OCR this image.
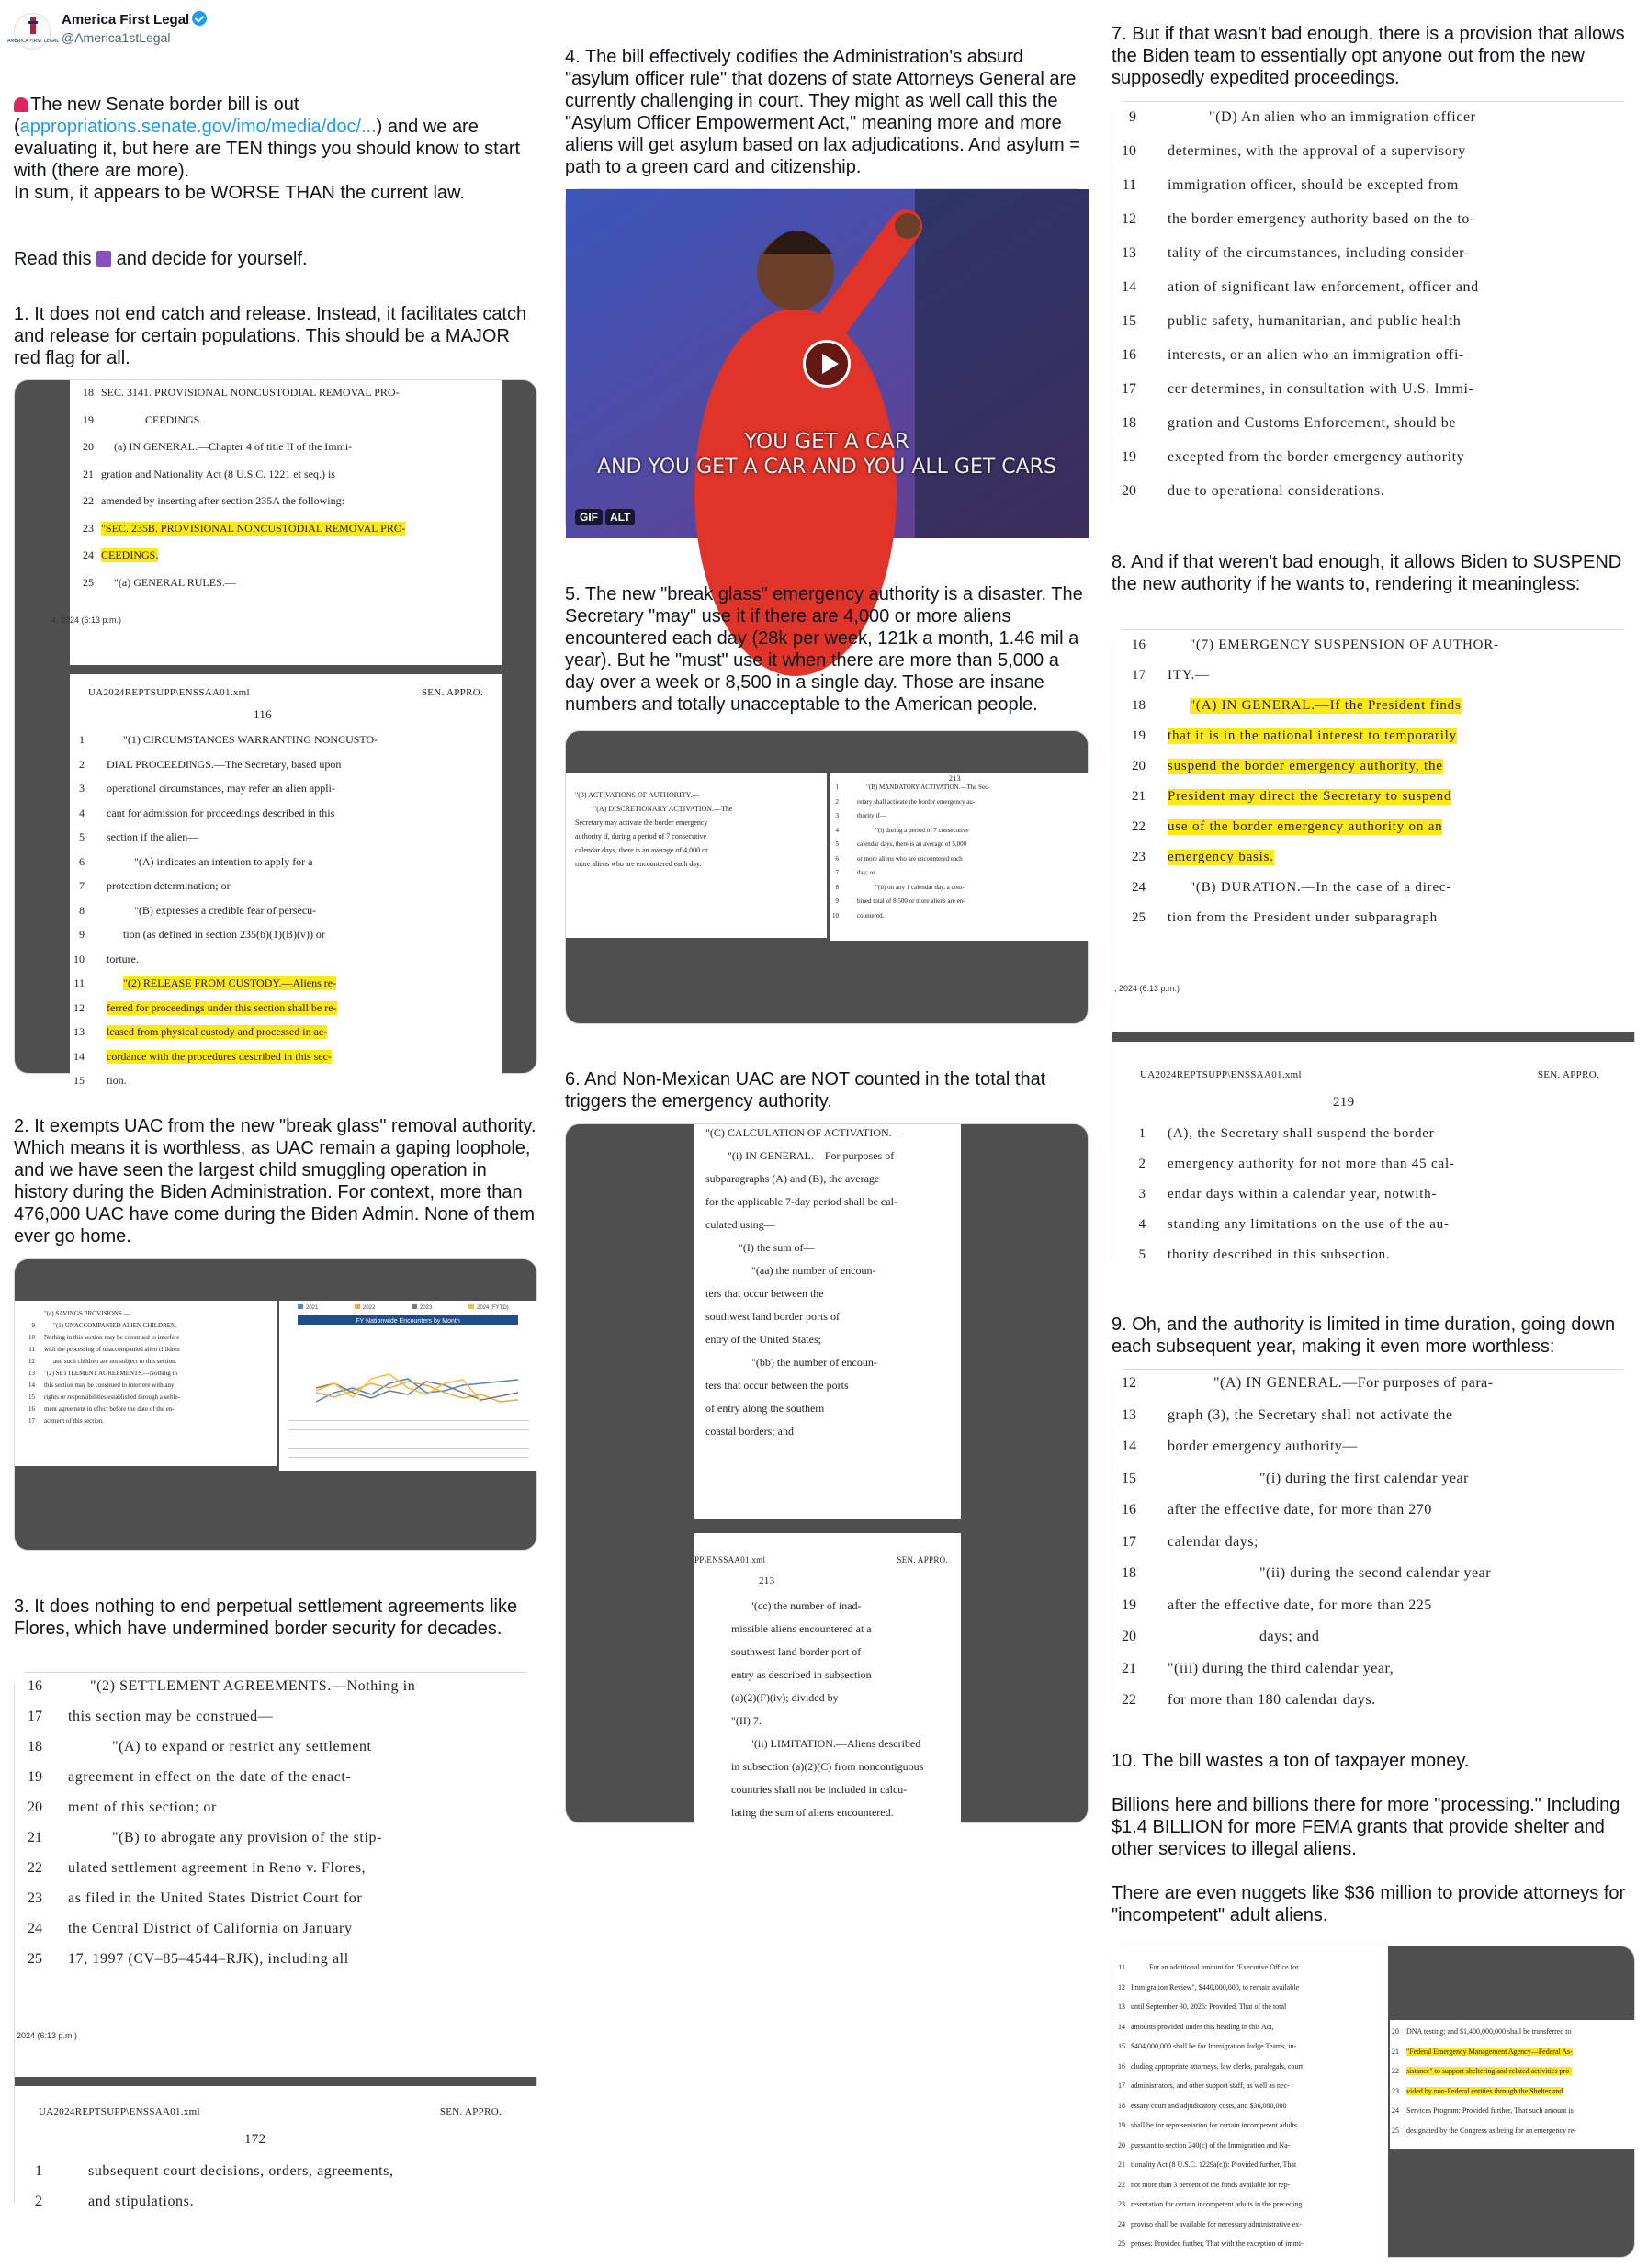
AMERICA FIRST LEGAL
America First Legal
@America1stLegal

The new Senate border bill is out (appropriations.senate.gov/imo/media/doc/...) and we are evaluating it, but here are TEN things you should know to start with (there are more).

In sum, it appears to be WORSE THAN the current law.

Read this  and decide for yourself.

1. It does not end catch and release. Instead, it facilitates catch and release for certain populations. This should be a MAJOR red flag for all.
18 SEC. 3141. PROVISIONAL NONCUSTODIAL REMOVAL PRO-
19	CEEDINGS.
20 (a) IN GENERAL.—Chapter 4 of title II of the Immi-
21 gration and Nationality Act (8 U.S.C. 1221 et seq.) is
22 amended by inserting after section 235A the following:
23 "SEC. 235B. PROVISIONAL NONCUSTODIAL REMOVAL PRO-
24 CEEDINGS.
25 "(a) GENERAL RULES.—
4, 2024 (6:13 p.m.)
UA2024REPTSUPP\ENSSAA01.xml	SEN. APPRO.
116
1	"(1) CIRCUMSTANCES WARRANTING NONCUSTO-
2 DIAL PROCEEDINGS.—The Secretary, based upon
3 operational circumstances, may refer an alien appli-
4 cant for admission for proceedings described in this
5 section if the alien—
6	"(A) indicates an intention to apply for a
7 protection determination; or
8	"(B) expresses a credible fear of persecu-
9	tion (as defined in section 235(b)(1)(B)(v)) or
10 torture.
11	"(2) RELEASE FROM CUSTODY.—Aliens re-
12 ferred for proceedings under this section shall be re-
13 leased from physical custody and processed in ac-
14 cordance with the procedures described in this sec-
15 tion.
2. It exempts UAC from the new "break glass" removal authority. Which means it is worthless, as UAC remain a gaping loophole, and we have seen the largest child smuggling operation in history during the Biden Administration. For context, more than 476,000 UAC have come during the Biden Admin. None of them ever go home.
"(c) SAVINGS PROVISIONS.—
9	"(1) UNACCOMPANIED ALIEN CHILDREN.—
10 Nothing in this section may be construed to interfere
11 with the processing of unaccompanied alien children
12	and such children are not subject to this section.
13 "(2) SETTLEMENT AGREEMENTS.—Nothing in
14 this section may be construed to interfere with any
15 rights or responsibilities established through a settle-
16 ment agreement in effect before the date of the en-
17 actment of this section.
FY Nationwide Encounters by Month
2021	2022	2023	2024 (FYTD)
3. It does nothing to end perpetual settlement agreements like Flores, which have undermined border security for decades.
16	"(2) SETTLEMENT AGREEMENTS.—Nothing in
17 this section may be construed—
18	"(A) to expand or restrict any settlement
19 agreement in effect on the date of the enact-
20 ment of this section; or
21	"(B) to abrogate any provision of the stip-
22 ulated settlement agreement in Reno v. Flores,
23 as filed in the United States District Court for
24 the Central District of California on January
25 17, 1997 (CV–85–4544–RJK), including all
2024 (6:13 p.m.)
UA2024REPTSUPP\ENSSAA01.xml	SEN. APPRO.
172
1	subsequent court decisions, orders, agreements,
2	and stipulations.
4. The bill effectively codifies the Administration's absurd "asylum officer rule" that dozens of state Attorneys General are currently challenging in court. They might as well call this the "Asylum Officer Empowerment Act," meaning more and more aliens will get asylum based on lax adjudications. And asylum = path to a green card and citizenship.
YOU GET A CAR
AND YOU GET A CAR AND YOU ALL GET CARS
GIF	ALT
5. The new "break glass" emergency authority is a disaster. The Secretary "may" use it if there are 4,000 or more aliens encountered each day (28k per week, 121k a month, 1.46 mil a year). But he "must" use it when there are more than 5,000 a day over a week or 8,500 in a single day. Those are insane numbers and totally unacceptable to the American people.
"(3) ACTIVATIONS OF AUTHORITY.—
"(A) DISCRETIONARY ACTIVATION.—The
Secretary may activate the border emergency
authority if, during a period of 7 consecutive
calendar days, there is an average of 4,000 or
more aliens who are encountered each day.
213
1	"(B) MANDATORY ACTIVATION.—The Sec-
2	retary shall activate the border emergency au-
3	thority if—
4	"(i) during a period of 7 consecutive
5	calendar days, there is an average of 5,000
6	or more aliens who are encountered each
7	day; or
8	"(ii) on any 1 calendar day, a com-
9	bined total of 8,500 or more aliens are en-
10	countered.
6. And Non-Mexican UAC are NOT counted in the total that triggers the emergency authority.
"(C) CALCULATION OF ACTIVATION.—
"(i) IN GENERAL.—For purposes of
subparagraphs (A) and (B), the average
for the applicable 7-day period shall be cal-
culated using—
"(I) the sum of—
"(aa) the number of encoun-
ters that occur between the
southwest land border ports of
entry of the United States;
"(bb) the number of encoun-
ters that occur between the ports
of entry along the southern
coastal borders; and
PP\ENSSAA01.xml	SEN. APPRO.
213
"(cc) the number of inad-
missible aliens encountered at a
southwest land border port of
entry as described in subsection
(a)(2)(F)(iv); divided by
"(II) 7.
"(ii) LIMITATION.—Aliens described
in subsection (a)(2)(C) from noncontiguous
countries shall not be included in calcu-
lating the sum of aliens encountered.
7. But if that wasn't bad enough, there is a provision that allows the Biden team to essentially opt anyone out from the new supposedly expedited proceedings.
9	"(D) An alien who an immigration officer
10 determines, with the approval of a supervisory
11 immigration officer, should be excepted from
12 the border emergency authority based on the to-
13 tality of the circumstances, including consider-
14 ation of significant law enforcement, officer and
15 public safety, humanitarian, and public health
16 interests, or an alien who an immigration offi-
17 cer determines, in consultation with U.S. Immi-
18 gration and Customs Enforcement, should be
19 excepted from the border emergency authority
20 due to operational considerations.
8. And if that weren't bad enough, it allows Biden to SUSPEND the new authority if he wants to, rendering it meaningless:
16	"(7) EMERGENCY SUSPENSION OF AUTHOR-
17 ITY.—
18	"(A) IN GENERAL.—If the President finds
19 that it is in the national interest to temporarily
20 suspend the border emergency authority, the
21 President may direct the Secretary to suspend
22 use of the border emergency authority on an
23 emergency basis.
24	"(B) DURATION.—In the case of a direc-
25 tion from the President under subparagraph
, 2024 (6:13 p.m.)
UA2024REPTSUPP\ENSSAA01.xml	SEN. APPRO.
219
1 (A), the Secretary shall suspend the border
2 emergency authority for not more than 45 cal-
3 endar days within a calendar year, notwith-
4 standing any limitations on the use of the au-
5 thority described in this subsection.
9. Oh, and the authority is limited in time duration, going down each subsequent year, making it even more worthless:
12	"(A) IN GENERAL.—For purposes of para-
13 graph (3), the Secretary shall not activate the
14 border emergency authority—
15	"(i) during the first calendar year
16 after the effective date, for more than 270
17 calendar days;
18	"(ii) during the second calendar year
19 after the effective date, for more than 225
20	days; and
21 "(iii) during the third calendar year,
22 for more than 180 calendar days.
10. The bill wastes a ton of taxpayer money.

Billions here and billions there for more "processing." Including $1.4 BILLION for more FEMA grants that provide shelter and other services to illegal aliens.

There are even nuggets like $36 million to provide attorneys for "incompetent" adult aliens.
11	For an additional amount for "Executive Office for
12 Immigration Review", $440,000,000, to remain available
13 until September 30, 2026: Provided, That of the total
14 amounts provided under this heading in this Act,
15 $404,000,000 shall be for Immigration Judge Teams, in-
16 cluding appropriate attorneys, law clerks, paralegals, court
17 administrators, and other support staff, as well as nec-
18 essary court and adjudicatory costs, and $36,000,000
19 shall be for representation for certain incompetent adults
20 pursuant to section 240(c) of the Immigration and Na-
21 tionality Act (8 U.S.C. 1229a(c)): Provided further, That
22 not more than 3 percent of the funds available for rep-
23 resentation for certain incompetent adults in the preceding
24 proviso shall be available for necessary administrative ex-
25 penses: Provided further, That with the exception of immi-
20 DNA testing; and $1,400,000,000 shall be transferred to
21 "Federal Emergency Management Agency—Federal As-
22 sistance" to support sheltering and related activities pro-
23 vided by non-Federal entities through the Shelter and
24 Services Program: Provided further, That such amount is
25 designated by the Congress as being for an emergency re-
